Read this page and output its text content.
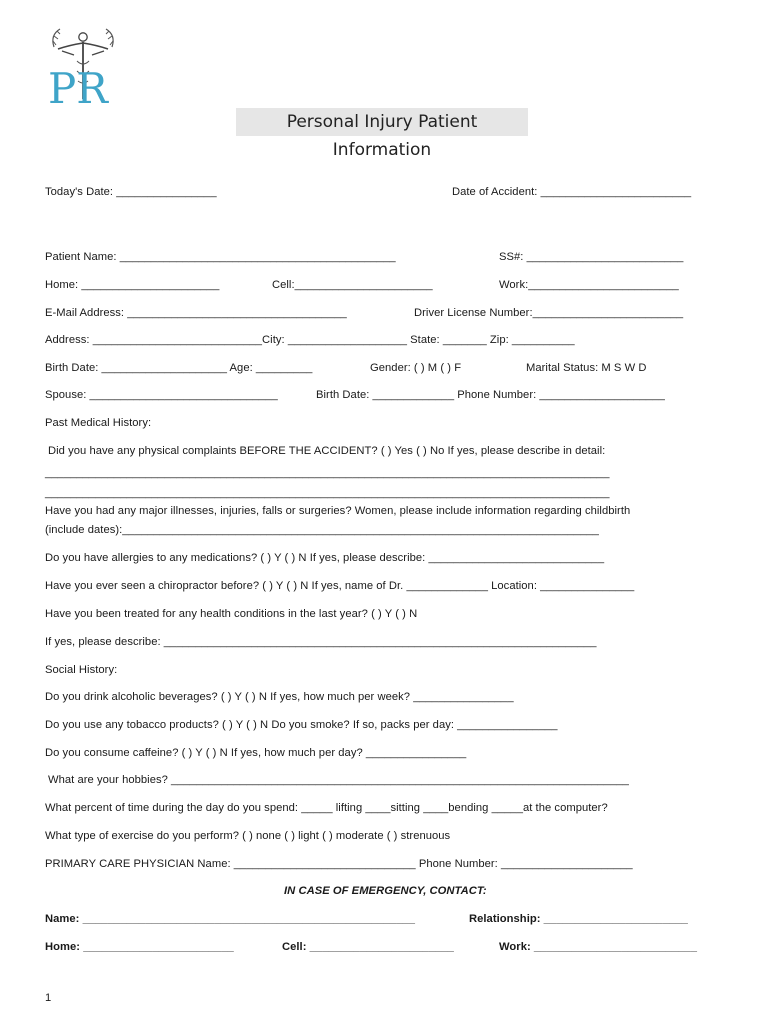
PR
Personal Injury Patient Information
Today's Date: ________________	Date of Accident: ________________________
Patient Name: ____________________________________________	SS#: _________________________
Home: ______________________	Cell:______________________	Work:________________________
E-Mail Address: ___________________________________	Driver License Number:________________________
Address: ___________________________City: ___________________ State: _______ Zip: __________
Birth Date: ____________________ Age: _________	Gender: ( ) M ( ) F	Marital Status: M S W D
Spouse: ______________________________	Birth Date: _____________ Phone Number: ____________________
Past Medical History:
Did you have any physical complaints BEFORE THE ACCIDENT? ( ) Yes ( ) No If yes, please describe in detail:
__________________________________________________________________________________________
__________________________________________________________________________________________
Have you had any major illnesses, injuries, falls or surgeries? Women, please include information regarding childbirth
(include dates):____________________________________________________________________________
Do you have allergies to any medications? ( ) Y ( ) N If yes, please describe: ____________________________
Have you ever seen a chiropractor before? ( ) Y ( ) N If yes, name of Dr. _____________ Location: _______________
Have you been treated for any health conditions in the last year? ( ) Y ( ) N
If yes, please describe: _____________________________________________________________________
Social History:
Do you drink alcoholic beverages? ( ) Y ( ) N If yes, how much per week? ________________
Do you use any tobacco products? ( ) Y ( ) N Do you smoke? If so, packs per day: ________________
Do you consume caffeine? ( ) Y ( ) N If yes, how much per day? ________________
What are your hobbies? _________________________________________________________________________
What percent of time during the day do you spend: _____ lifting ____sitting ____bending _____at the computer?
What type of exercise do you perform? ( ) none ( ) light ( ) moderate ( ) strenuous
PRIMARY CARE PHYSICIAN Name: _____________________________ Phone Number: _____________________
IN CASE OF EMERGENCY, CONTACT:
Name: _____________________________________________________	Relationship: _______________________
Home: ________________________	Cell: _______________________	Work: __________________________
1
